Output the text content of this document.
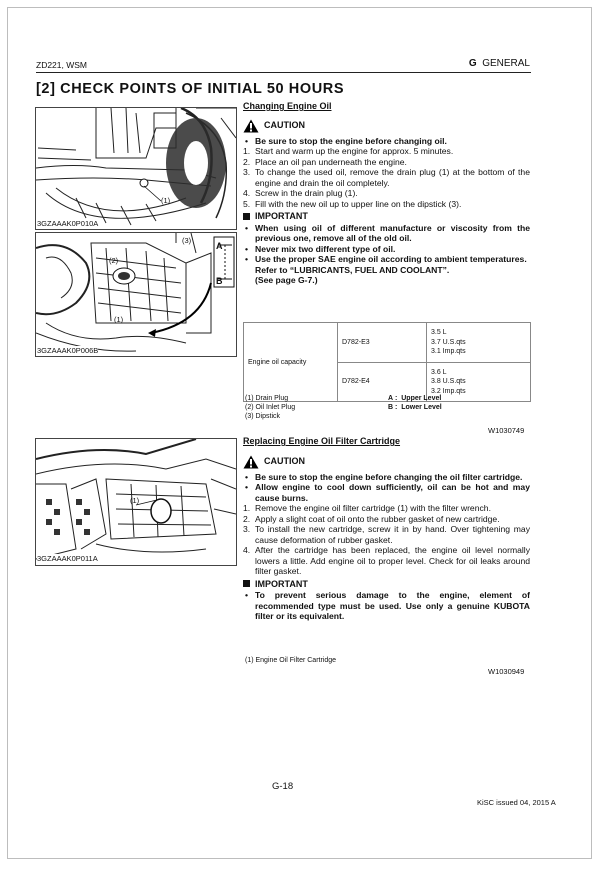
ZD221, WSM	G GENERAL
[2] CHECK POINTS OF INITIAL 50 HOURS
(1)
3GZAAAK0P010A
(3)
(2)
(1)
A
B
3GZAAAK0P006B
(1)
3GZAAAK0P011A
Changing Engine Oil
CAUTION
• Be sure to stop the engine before changing oil.
1. Start and warm up the engine for approx. 5 minutes.
2. Place an oil pan underneath the engine.
3. To change the used oil, remove the drain plug (1) at the bottom of the engine and drain the oil completely.
4. Screw in the drain plug (1).
5. Fill with the new oil up to upper line on the dipstick (3).
IMPORTANT
• When using oil of different manufacture or viscosity from the previous one, remove all of the old oil.
• Never mix two different type of oil.
• Use the proper SAE engine oil according to ambient temperatures.
Refer to “LUBRICANTS, FUEL AND COOLANT”.
(See page G-7.)
Engine oil capacity	D782-E3	3.5 L
3.7 U.S.qts
3.1 Imp.qts

	D782-E4	3.6 L
3.8 U.S.qts
3.2 Imp.qts
(1) Drain Plug
(2) Oil Inlet Plug
(3) Dipstick
A :  Upper Level
B :  Lower Level
W1030749
Replacing Engine Oil Filter Cartridge
CAUTION
• Be sure to stop the engine before changing the oil filter cartridge.
• Allow engine to cool down sufficiently, oil can be hot and may cause burns.
1. Remove the engine oil filter cartridge (1) with the filter wrench.
2. Apply a slight coat of oil onto the rubber gasket of new cartridge.
3. To install the new cartridge, screw it in by hand. Over tightening may cause deformation of rubber gasket.
4. After the cartridge has been replaced, the engine oil level normally lowers a little. Add engine oil to proper level. Check for oil leaks around filter gasket.
IMPORTANT
• To prevent serious damage to the engine, element of recommended type must be used. Use only a genuine KUBOTA filter or its equivalent.
(1) Engine Oil Filter Cartridge
W1030949
G-18
KiSC issued 04, 2015 A
